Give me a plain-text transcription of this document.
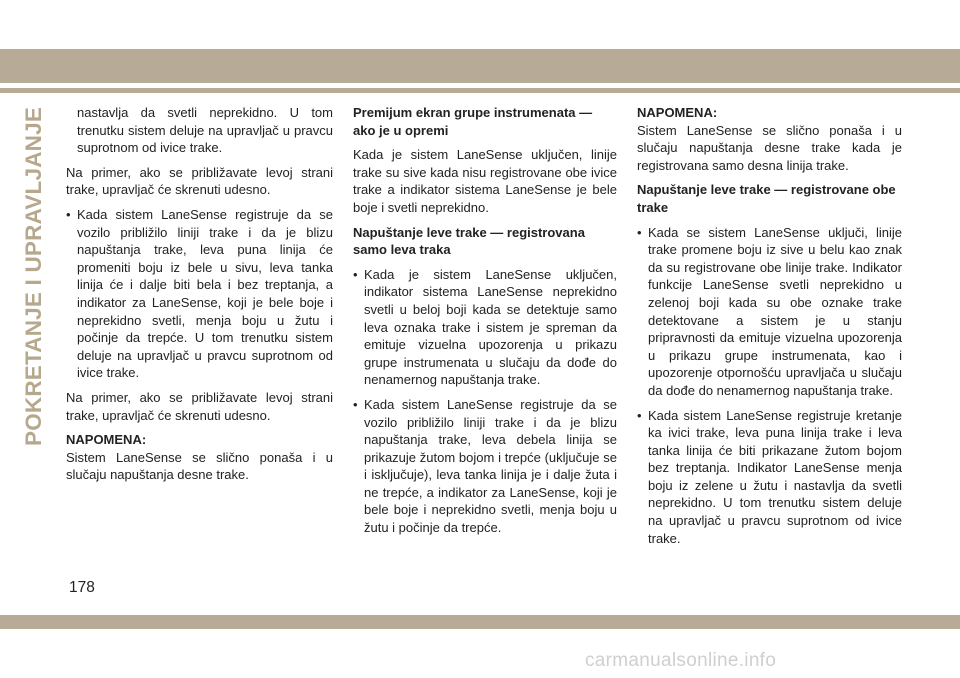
POKRETANJE I UPRAVLJANJE	nastavlja da svetli neprekidno. U tom trenutku sistem deluje na upravljač u pravcu suprotnom od ivice trake.

Na primer, ako se približavate levoj strani trake, upravljač će skrenuti udesno.

• Kada sistem LaneSense registruje da se vozilo približilo liniji trake i da je blizu napuštanja trake, leva puna linija će promeniti boju iz bele u sivu, leva tanka linija će i dalje biti bela i bez treptanja, a indikator za LaneSense, koji je bele boje i neprekidno svetli, menja boju u žutu i počinje da trepće. U tom trenutku sistem deluje na upravljač u pravcu suprotnom od ivice trake.

Na primer, ako se približavate levoj strani trake, upravljač će skrenuti udesno.

NAPOMENA:

Sistem LaneSense se slično ponaša i u slučaju napuštanja desne trake.

Premijum ekran grupe instrumenata — ako je u opremi

Kada je sistem LaneSense uključen, linije trake su sive kada nisu registrovane obe ivice trake a indikator sistema LaneSense je bele boje i svetli neprekidno.

Napuštanje leve trake — registrovana samo leva traka

• Kada je sistem LaneSense uključen, indikator sistema LaneSense neprekidno svetli u beloj boji kada se detektuje samo leva oznaka trake i sistem je spreman da emituje vizuelna upozorenja u prikazu grupe instrumenata u slučaju da dođe do nenamernog napuštanja trake.
• Kada sistem LaneSense registruje da se vozilo približilo liniji trake i da je blizu napuštanja trake, leva debela linija se prikazuje žutom bojom i trepće (uključuje se i isključuje), leva tanka linija je i dalje žuta i ne trepće, a indikator za LaneSense, koji je bele boje i neprekidno svetli, menja boju u žutu i počinje da trepće.

NAPOMENA:

Sistem LaneSense se slično ponaša i u slučaju napuštanja desne trake kada je registrovana samo desna linija trake.

Napuštanje leve trake — registrovane obe trake

• Kada se sistem LaneSense uključi, linije trake promene boju iz sive u belu kao znak da su registrovane obe linije trake. Indikator funkcije LaneSense svetli neprekidno u zelenoj boji kada su obe oznake trake detektovane a sistem je u stanju pripravnosti da emituje vizuelna upozorenja u prikazu grupe instrumenata, kao i upozorenje otpornošću upravljača u slučaju da dođe do nenamernog napuštanja trake.
• Kada sistem LaneSense registruje kretanje ka ivici trake, leva puna linija trake i leva tanka linija će biti prikazane žutom bojom bez treptanja. Indikator LaneSense menja boju iz zelene u žutu i nastavlja da svetli neprekidno. U tom trenutku sistem deluje na upravljač u pravcu suprotnom od ivice trake.
178
carmanualsonline.info
